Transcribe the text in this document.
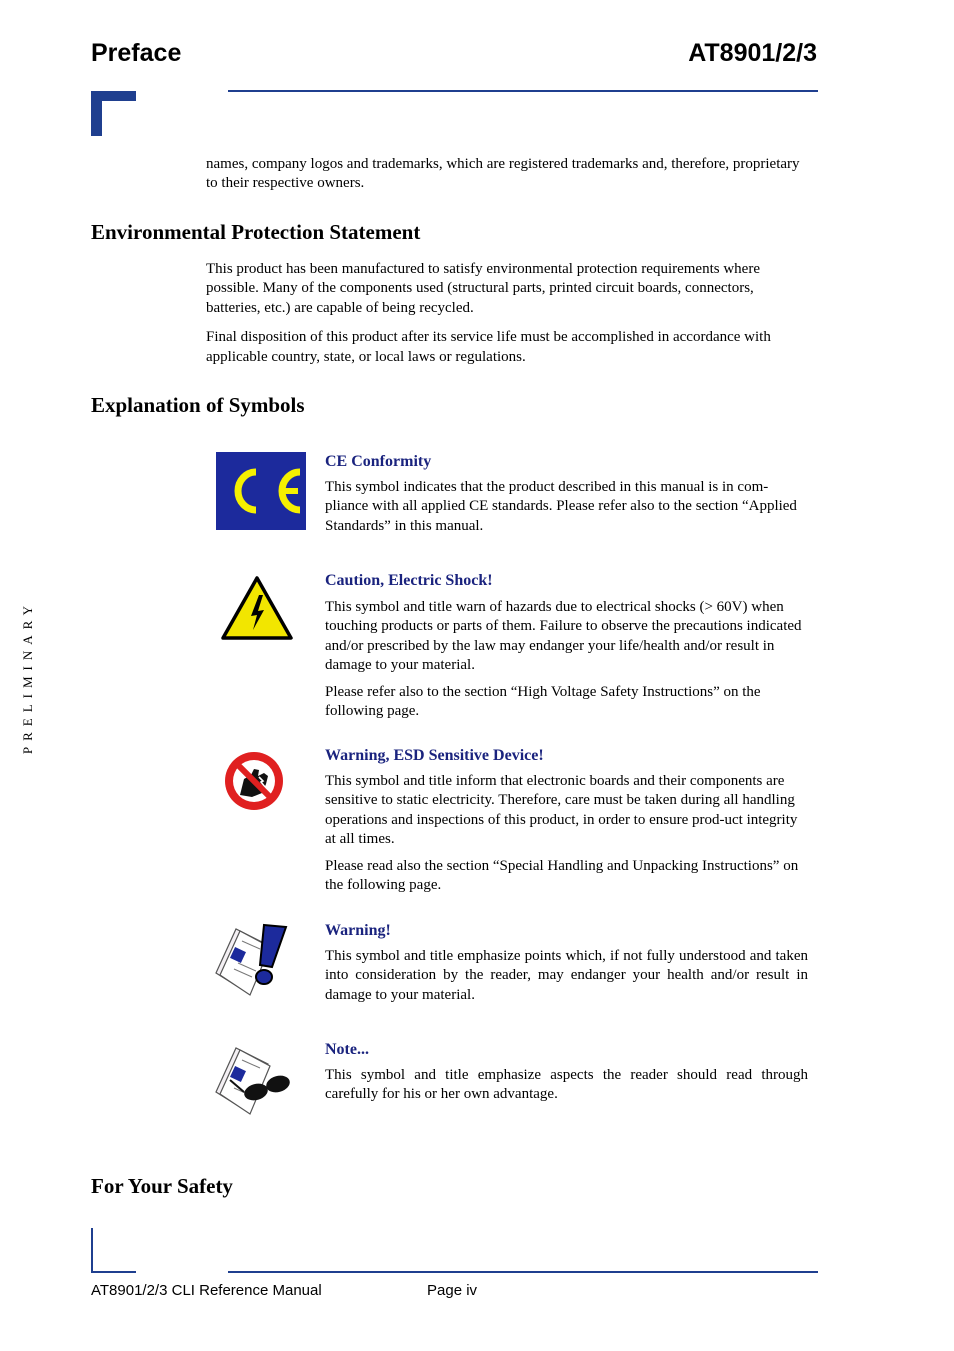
Preface	AT8901/2/3
PRELIMINARY
names, company logos and trademarks, which are registered trademarks and, therefore, proprietary to their respective owners.
Environmental Protection Statement

This product has been manufactured to satisfy environmental protection requirements where possible. Many of the components used (structural parts, printed circuit boards, connectors, batteries, etc.) are capable of being recycled.

Final disposition of this product after its service life must be accomplished in accordance with applicable country, state, or local laws or regulations.

Explanation of Symbols
CE Conformity

This symbol indicates that the product described in this manual is in com-pliance with all applied CE standards. Please refer also to the section “Applied Standards” in this manual.

Caution, Electric Shock!

This symbol and title warn of hazards due to electrical shocks (> 60V) when touching products or parts of them. Failure to observe the precautions indicated and/or prescribed by the law may endanger your life/health and/or result in damage to your material.

Please refer also to the section “High Voltage Safety Instructions” on the following page.

Warning, ESD Sensitive Device!

This symbol and title inform that electronic boards and their components are sensitive to static electricity. Therefore, care must be taken during all handling operations and inspections of this product, in order to ensure prod-uct integrity at all times.

Please read also the section “Special Handling and Unpacking Instructions” on the following page.

Warning!

This symbol and title emphasize points which, if not fully understood and taken into consideration by the reader, may endanger your health and/or result in damage to your material.

Note...

This symbol and title emphasize aspects the reader should read through carefully for his or her own advantage.

For Your Safety
AT8901/2/3 CLI Reference Manual	Page iv
